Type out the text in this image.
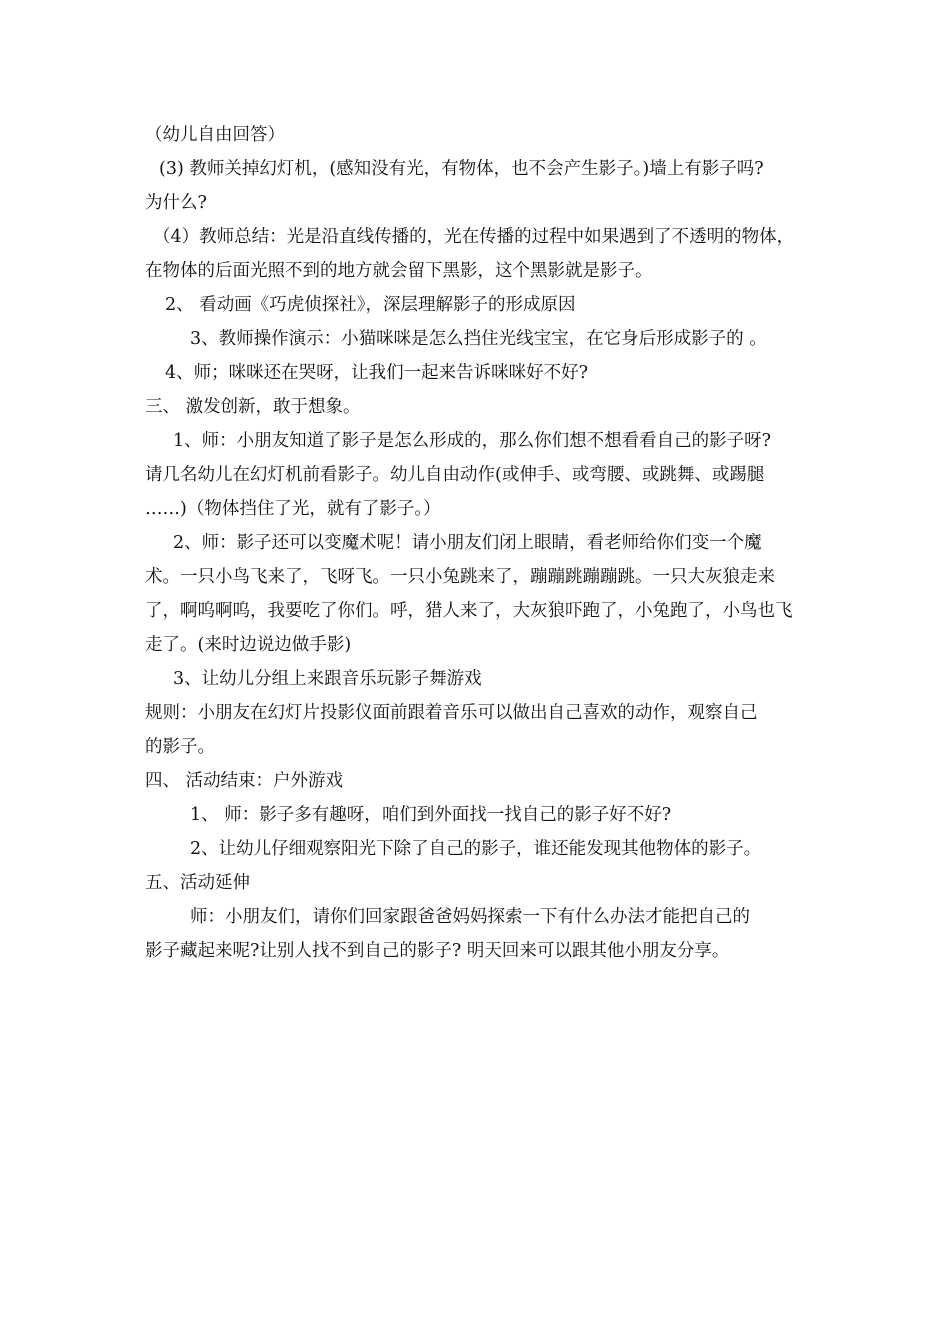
（幼儿自由回答）
(3) 教师关掉幻灯机，(感知没有光，有物体，也不会产生影子。)墙上有影子吗?
为什么?
（4）教师总结：光是沿直线传播的，光在传播的过程中如果遇到了不透明的物体，
在物体的后面光照不到的地方就会留下黑影，这个黑影就是影子。
2、 看动画《巧虎侦探社》，深层理解影子的形成原因
3、教师操作演示：小猫咪咪是怎么挡住光线宝宝，在它身后形成影子的 。
4、师；咪咪还在哭呀，让我们一起来告诉咪咪好不好?
三、 激发创新，敢于想象。
1、师：小朋友知道了影子是怎么形成的，那么你们想不想看看自己的影子呀?
请几名幼儿在幻灯机前看影子。幼儿自由动作(或伸手、或弯腰、或跳舞、或踢腿
……)（物体挡住了光，就有了影子。）
2、师：影子还可以变魔术呢！请小朋友们闭上眼睛，看老师给你们变一个魔
术。一只小鸟飞来了，飞呀飞。一只小兔跳来了，蹦蹦跳蹦蹦跳。一只大灰狼走来
了，啊呜啊呜，我要吃了你们。呼，猎人来了，大灰狼吓跑了，小兔跑了，小鸟也飞
走了。(来时边说边做手影)
3、让幼儿分组上来跟音乐玩影子舞游戏
规则：小朋友在幻灯片投影仪面前跟着音乐可以做出自己喜欢的动作，观察自己
的影子。
四、 活动结束：户外游戏
1、 师：影子多有趣呀，咱们到外面找一找自己的影子好不好?
2、让幼儿仔细观察阳光下除了自己的影子，谁还能发现其他物体的影子。
五、活动延伸
师：小朋友们，请你们回家跟爸爸妈妈探索一下有什么办法才能把自己的
影子藏起来呢?让别人找不到自己的影子? 明天回来可以跟其他小朋友分享。
